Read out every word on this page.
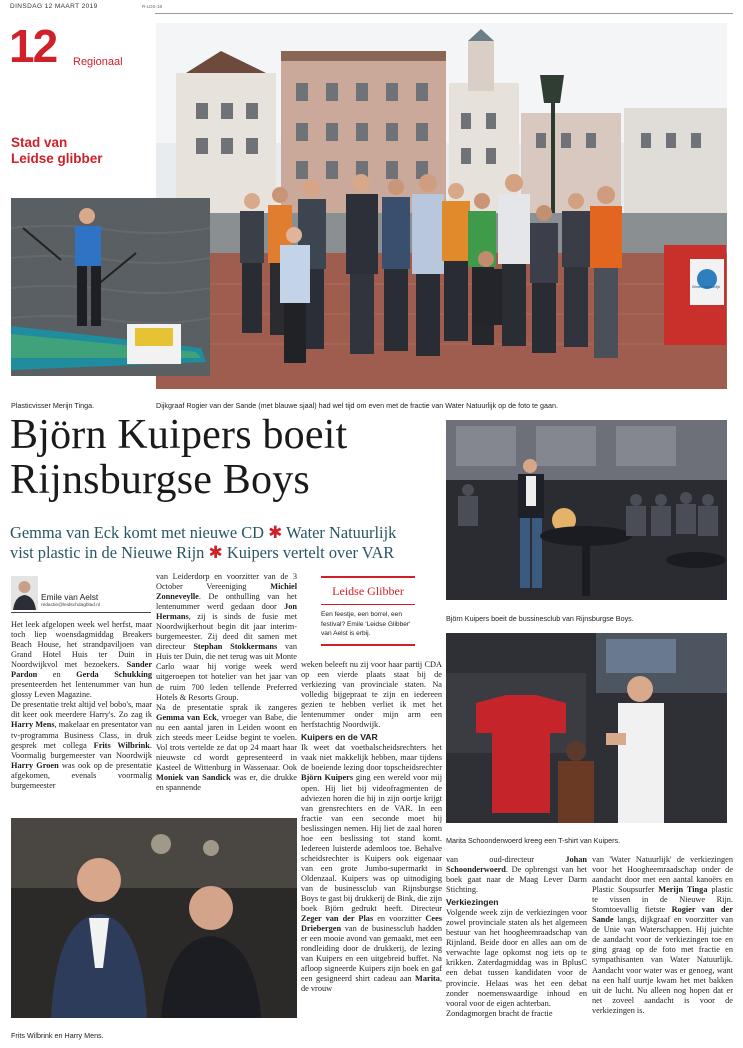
DINSDAG 12 MAART 2019	R-LDS-18
12 Regionaal
Stad van
Leidse glibber
Water Natuurlijk
Plasticvisser Merijn Tinga.	Dijkgraaf Rogier van der Sande (met blauwe sjaal) had wel tijd om even met de fractie van Water Natuurlijk op de foto te gaan.
Björn Kuipers boeit
Rijnsburgse Boys
Gemma van Eck komt met nieuwe CD ✱ Water Natuurlijk
vist plastic in de Nieuwe Rijn ✱ Kuipers vertelt over VAR
Emile van Aelst
redactie@leidschdagblad.nl
Leidse Glibber
Een feestje, een borrel, een festival? Emile 'Leidse Glibber' van Aelst is erbij.

Het leek afgelopen week wel herfst, maar toch liep woensdagmiddag Breakers Beach House, het strandpaviljoen van Grand Hotel Huis ter Duin in Noordwijkvol met bezoekers. Sander Pardon en Gerda Schukking presenteerden het lentenummer van hun glossy Leven Magazine.

De presentatie trekt altijd vel bobo's, maar dit keer ook meerdere Harry's. Zo zag ik Harry Mens, makelaar en presentator van tv-programma Business Class, in druk gesprek met collega Frits Wilbrink. Voormalig burgemeester van Noordwijk Harry Groen was ook op de presentatie afgekomen, evenals voormalig burgemeester

van Leiderdorp en voorzitter van de 3 October Vereeniging	Michiel Zonneveylle. De onthulling van het lentenummer werd gedaan door Jon Hermans, zij is sinds de fusie met Noordwijkerhout begin dit jaar interim-burgemeester. Zij deed dit samen met directeur Stephan Stokkermans van Huis ter Duin, die net terug was uit Monte Carlo waar hij vorige week werd uitgeroepen tot hotelier van het jaar van de ruim 700 leden tellende Preferred Hotels & Resorts Group.

Na de presentatie sprak ik zangeres Gemma van Eck, vroeger van Babe, die nu een aantal jaren in Leiden woont en zich steeds meer Leidse begint te voelen. Vol trots vertelde ze dat op 24 maart haar nieuwste cd wordt gepresenteerd in Kasteel de Wittenburg in Wassenaar. Ook Moniek van Sandick was er, die drukke en spannende

weken beleeft nu zij voor haar partij CDA op een vierde plaats staat bij de verkiezing van provinciale staten. Na volledig bijgepraat te zijn en iedereen gezien te hebben verliet ik met het lentenummer onder mijn arm een herfstachtig Noordwijk.

Kuipers en de VAR

Ik weet dat voetbalscheidsrechters het vaak niet makkelijk hebben, maar tijdens de boeiende lezing door topscheidsrechter Björn Kuipers ging een wereld voor mij open. Hij liet bij videofragmenten de adviezen horen die hij in zijn oortje krijgt van grensrechters en de VAR. In een fractie van een seconde moet hij beslissingen nemen. Hij liet de zaal horen hoe een beslissing tot stand komt. Iedereen luisterde ademloos toe. Behalve scheidsrechter is Kuipers ook eigenaar van een grote Jumbo-supermarkt in Oldenzaal. Kuipers was op uitnodiging van de businessclub van Rijnsburgse Boys te gast bij drukkerij de Bink, die zijn boek Björn gedrukt heeft. Directeur Zeger van der Plas en voorzitter Cees Driebergen van de businessclub hadden er een mooie avond van gemaakt, met een rondleiding door de drukkerij, de lezing van Kuipers en een uitgebreid buffet. Na afloop signeerde Kuipers zijn boek en gaf een gesigneerd shirt cadeau aan Marita, de vrouw

van oud-directeur	Johan Schoonderwoerd. De opbrengst van het boek gaat naar de Maag Lever Darm Stichting.

Verkiezingen

Volgende week zijn de verkiezingen voor zowel provinciale staten als het algemeen bestuur van het hoogheemraadschap van Rijnland. Beide door en alles aan om de verwachte lage opkomst nog iets op te krikken. Zaterdagmiddag was in BplusC een debat tussen kandidaten voor de provincie. Helaas was het een debat zonder noemenswaardige inhoud en vooral voor de eigen achterban.

Zondagmorgen bracht de fractie

van 'Water Natuurlijk' de verkiezingen voor het Hoogheemraadschap onder de aandacht door met een aantal kanoërs en Plastic Soupsurfer Merijn Tinga plastic te vissen in de Nieuwe Rijn. Stomtoevallig fietste Rogier van der Sande langs, dijkgraaf en voorzitter van de Unie van Waterschappen. Hij juichte de aandacht voor de verkiezingen toe en ging graag op de foto met fractie en sympathisanten van Water Natuurlijk. Aandacht voor water was er genoeg, want na een half uurtje kwam het met bakken uit de lucht. Nu alleen nog hopen dat er net zoveel aandacht is voor de verkiezingen is.

Björn Kuipers boeit de bussinesclub van Rijnsburgse Boys.
Marita Schoonderwoerd kreeg een T-shirt van Kuipers.
Frits Wilbrink en Harry Mens.
